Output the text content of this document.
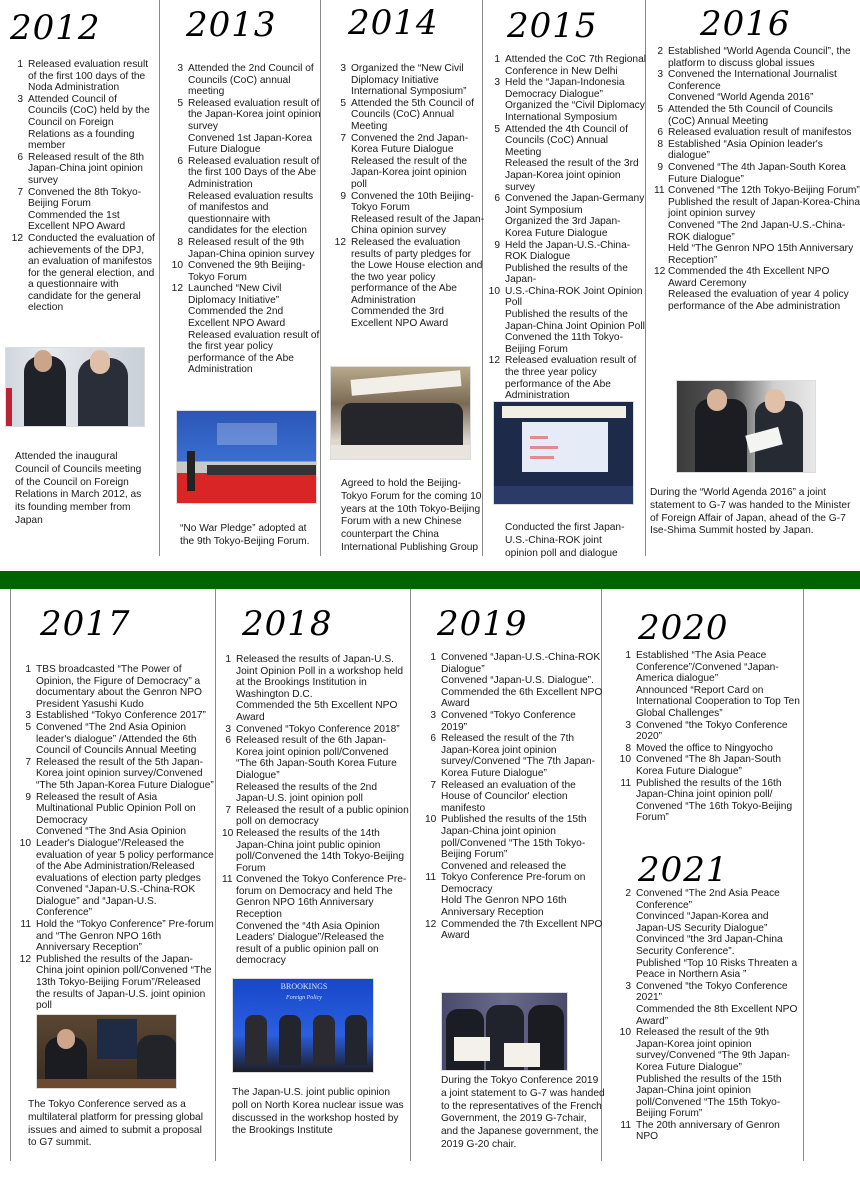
2012
1 Released evaluation result of the first 100 days of the Noda Administration
3 Attended Council of Councils (CoC) held by the Council on Foreign Relations as a founding member
6 Released result of the 8th Japan-China joint opinion survey
7 Convened the 8th Tokyo-Beijing Forum
Commended the 1st Excellent NPO Award
12 Conducted the evaluation of achievements of the DPJ, an evaluation of manifestos for the general election, and a questionnaire with candidate for the general election
Attended the inaugural Council of Councils meeting of the Council on Foreign Relations in March 2012, as its founding member from Japan
2013
3 Attended the 2nd Council of Councils (CoC) annual meeting
5 Released evaluation result of the Japan-Korea joint opinion survey
Convened 1st Japan-Korea Future Dialogue
6 Released evaluation result of the first 100 Days of the Abe Administration
Released evaluation results of manifestos and questionnaire with candidates for the election
8 Released result of the 9th Japan-China opinion survey
10 Convened the 9th Beijing-Tokyo Forum
12 Launched “New Civil Diplomacy Initiative”
Commended the 2nd Excellent NPO Award
Released evaluation result of the first year policy performance of the Abe Administration
“No War Pledge” adopted at the 9th Tokyo-Beijing Forum.
2014
3 Organized the “New Civil Diplomacy Initiative International Symposium”
5 Attended the 5th Council of Councils (CoC) Annual Meeting
7 Convened the 2nd Japan-Korea Future Dialogue
Released the result of the Japan-Korea joint opinion poll
9 Convened the 10th Beijing-Tokyo Forum
Released result of the Japan-China opinion survey
12 Released the evaluation results of party pledges for the Lowe House election and the two year policy performance of the Abe Administration
Commended the 3rd Excellent NPO Award
Agreed to hold the Beijing-Tokyo Forum for the coming 10 years at the 10th Tokyo-Beijing Forum with a new Chinese counterpart the China International Publishing Group
2015
1 Attended the CoC 7th Regional Conference in New Delhi
3 Held the “Japan-Indonesia Democracy Dialogue”
Organized the “Civil Diplomacy International Symposium
5 Attended the 4th Council of Councils (CoC) Annual Meeting
Released the result of the 3rd Japan-Korea joint opinion survey
6 Convened the Japan-Germany Joint Symposium
Organized the 3rd Japan-Korea Future Dialogue
9 Held the Japan-U.S.-China-ROK Dialogue
Published the results of the Japan-
10 U.S.-China-ROK Joint Opinion Poll
Published the results of the Japan-China Joint Opinion Poll
Convened the 11th Tokyo-Beijing Forum
12 Released evaluation result of the three year policy performance of the Abe Administration
Conducted the first Japan-U.S.-China-ROK joint opinion poll and dialogue
2016
2 Established “World Agenda Council”, the platform to discuss global issues
3 Convened the International Journalist Conference
Convened “World Agenda 2016”
5 Attended the 5th Council of Councils (CoC) Annual Meeting
6 Released evaluation result of manifestos
8 Established “Asia Opinion leader's dialogue”
9 Convened “The 4th Japan-South Korea Future Dialogue”
11 Convened “The 12th Tokyo-Beijing Forum”
Published the result of Japan-Korea-China joint opinion survey
Convened “The 2nd Japan-U.S.-China-ROK dialogue”
Held “The Genron NPO 15th Anniversary Reception”
12 Commended the 4th Excellent NPO Award Ceremony
Released the evaluation of year 4 policy performance of the Abe administration
During the “World Agenda 2016” a joint statement to G-7 was handed to the Minister of Foreign Affair of Japan, ahead of the G-7 Ise-Shima Summit hosted by Japan.
2017
1 TBS broadcasted “The Power of Opinion, the Figure of Democracy” a documentary about the Genron NPO President Yasushi Kudo
3 Established “Tokyo Conference 2017”
5 Convened “The 2nd Asia Opinion leader's dialogue” /Attended the 6th Council of Councils Annual Meeting
7 Released the result of the 5th Japan-Korea joint opinion survey/Convened “The 5th Japan-Korea Future Dialogue”
9 Released the result of Asia Multinational Public Opinion Poll on Democracy
Convened “The 3nd Asia Opinion
10 Leader's Dialogue”/Released the evaluation of year 5 policy performance of the Abe Administration/Released evaluations of election party pledges
Convened “Japan-U.S.-China-ROK Dialogue” and “Japan-U.S. Conference”
11 Hold the “Tokyo Conference” Pre-forum and “The Genron NPO 16th Anniversary Reception”
12 Published the results of the Japan-China joint opinion poll/Convened “The 13th Tokyo-Beijing Forum”/Released the results of Japan-U.S. joint opinion poll
The Tokyo Conference served as a multilateral platform for pressing global issues and aimed to submit a proposal to G7 summit.
2018
1 Released the results of Japan-U.S. Joint Opinion Poll in a workshop held at the Brookings Institution in Washington D.C.
Commended the 5th Excellent NPO Award
3 Convened “Tokyo Conference 2018”
6 Released result of the 6th Japan-Korea joint opinion poll/Convened “The 6th Japan-South Korea Future Dialogue”
Released the results of the 2nd Japan-U.S. joint opinion poll
7 Released the result of a public opinion poll on democracy
10 Released the results of the 14th Japan-China joint public opinion poll/Convened the 14th Tokyo-Beijing Forum
11 Convened the Tokyo Conference Pre-forum on Democracy and held The Genron NPO 16th Anniversary Reception
Convened the “4th Asia Opinion Leaders' Dialogue”/Released the result of a public opinion pall on democracy
BROOKINGS
Foreign Policy
The Japan-U.S. joint public opinion poll on North Korea nuclear issue was discussed in the workshop hosted by the Brookings Institute
2019
1 Convened “Japan-U.S.-China-ROK Dialogue”
Convened “Japan-U.S. Dialogue”.
Commended the 6th Excellent NPO Award
3 Convened “Tokyo Conference 2019”
6 Released the result of the 7th Japan-Korea joint opinion survey/Convened “The 7th Japan-Korea Future Dialogue”
7 Released an evaluation of the House of Councilor' election manifesto
10 Published the results of the 15th Japan-China joint opinion poll/Convened “The 15th Tokyo-Beijing Forum”
Convened and released the
11 Tokyo Conference Pre-forum on Democracy
Hold The Genron NPO 16th Anniversary Reception
12 Commended the 7th Excellent NPO Award
During the Tokyo Conference 2019 a joint statement to G-7 was handed to the representatives of the French Government, the 2019 G-7chair, and the Japanese government, the 2019 G-20 chair.
2020
1 Established “The Asia Peace Conference”/Convened “Japan-America dialogue”
Announced “Report Card on International Cooperation to Top Ten Global Challenges”
3 Convened “the Tokyo Conference 2020”
8 Moved the office to Ningyocho
10 Convened “The 8h Japan-South Korea Future Dialogue”
11 Published the results of the 16th Japan-China joint opinion poll/ Convened “The 16th Tokyo-Beijing Forum”
2021
2 Convened “The 2nd Asia Peace Conference”
Convinced “Japan-Korea and Japan-US Security Dialogue”
Convinced “the 3rd Japan-China Security Conference”.
Published “Top 10 Risks Threaten a Peace in Northern Asia ”
3 Convened “the Tokyo Conference 2021”
Commended the 8th Excellent NPO Award”
10 Released the result of the 9th Japan-Korea joint opinion survey/Convened “The 9th Japan-Korea Future Dialogue”
Published the results of the 15th Japan-China joint opinion poll/Convened “The 15th Tokyo-Beijing Forum”
11 The 20th anniversary of Genron NPO
